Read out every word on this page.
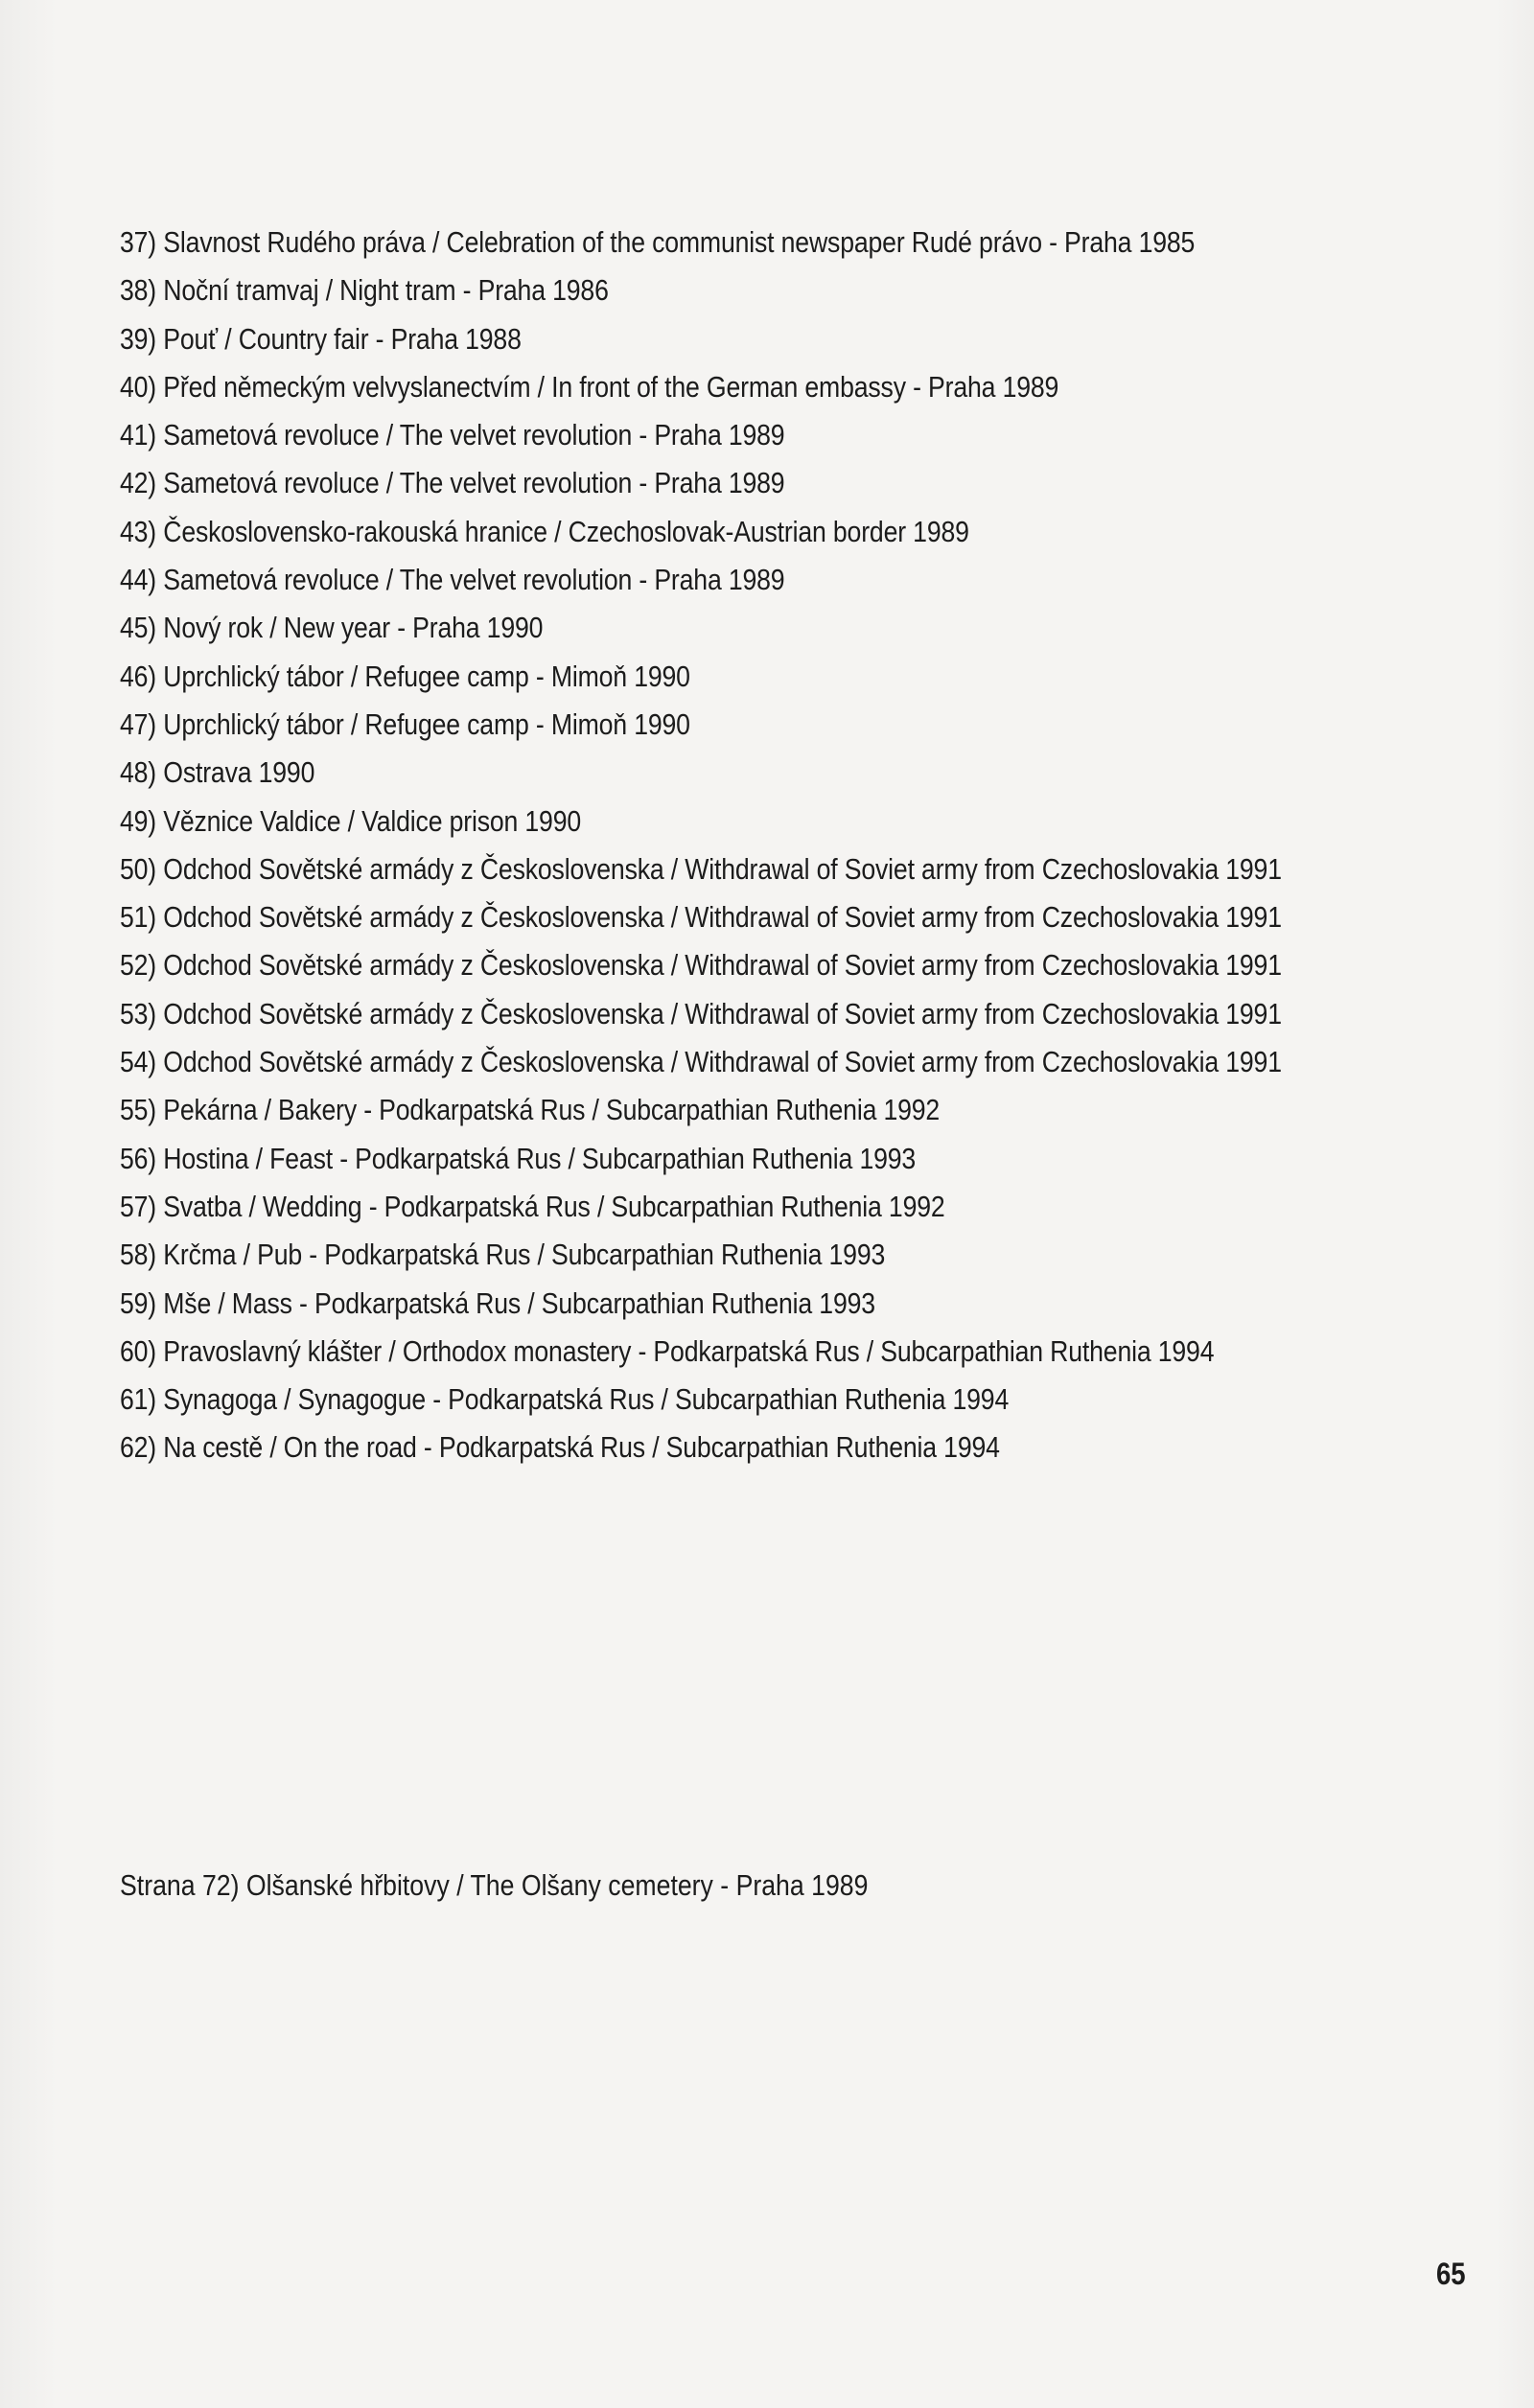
37) Slavnost Rudého práva / Celebration of the communist newspaper Rudé právo - Praha 1985
38) Noční tramvaj / Night tram - Praha 1986
39) Pouť / Country fair - Praha 1988
40) Před německým velvyslanectvím / In front of the German embassy - Praha 1989
41) Sametová revoluce / The velvet revolution - Praha 1989
42) Sametová revoluce / The velvet revolution - Praha 1989
43) Československo-rakouská hranice / Czechoslovak-Austrian border 1989
44) Sametová revoluce / The velvet revolution - Praha 1989
45) Nový rok / New year - Praha 1990
46) Uprchlický tábor / Refugee camp - Mimoň 1990
47) Uprchlický tábor / Refugee camp - Mimoň 1990
48) Ostrava 1990
49) Věznice Valdice / Valdice prison 1990
50) Odchod Sovětské armády z Československa / Withdrawal of Soviet army from Czechoslovakia 1991
51) Odchod Sovětské armády z Československa / Withdrawal of Soviet army from Czechoslovakia 1991
52) Odchod Sovětské armády z Československa / Withdrawal of Soviet army from Czechoslovakia 1991
53) Odchod Sovětské armády z Československa / Withdrawal of Soviet army from Czechoslovakia 1991
54) Odchod Sovětské armády z Československa / Withdrawal of Soviet army from Czechoslovakia 1991
55) Pekárna / Bakery - Podkarpatská Rus / Subcarpathian Ruthenia 1992
56) Hostina / Feast - Podkarpatská Rus / Subcarpathian Ruthenia 1993
57) Svatba / Wedding - Podkarpatská Rus / Subcarpathian Ruthenia 1992
58) Krčma / Pub - Podkarpatská Rus / Subcarpathian Ruthenia 1993
59) Mše / Mass - Podkarpatská Rus / Subcarpathian Ruthenia 1993
60) Pravoslavný klášter / Orthodox monastery - Podkarpatská Rus / Subcarpathian Ruthenia 1994
61) Synagoga / Synagogue - Podkarpatská Rus / Subcarpathian Ruthenia 1994
62) Na cestě / On the road - Podkarpatská Rus / Subcarpathian Ruthenia 1994
Strana 72) Olšanské hřbitovy / The Olšany cemetery - Praha 1989
65
